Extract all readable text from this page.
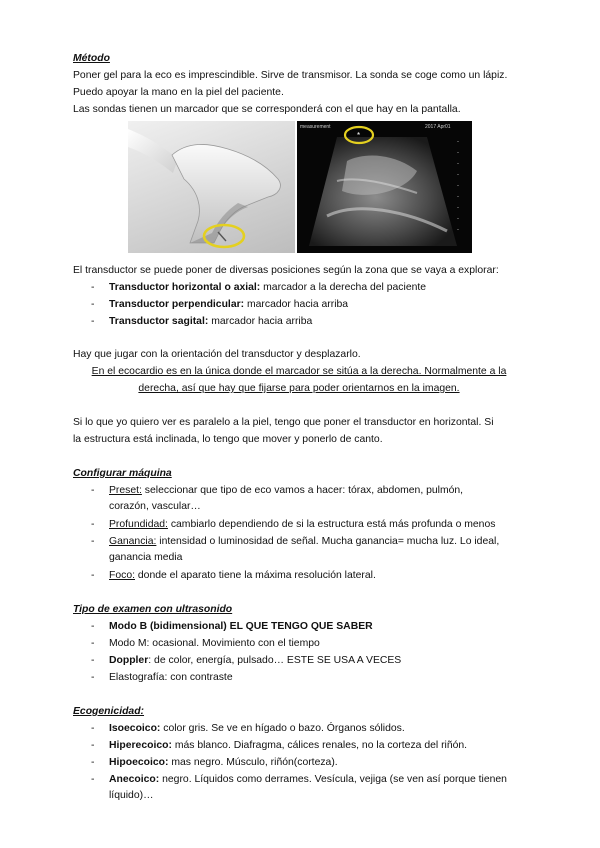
Método
Poner gel para la eco es imprescindible. Sirve de transmisor. La sonda se coge como un lápiz.
Puedo apoyar la mano en la piel del paciente.
Las sondas tienen un marcador que se corresponderá con el que hay en la pantalla.
*
measurement	2017 Apr01
-
-
-
-
-
-
-
-
-
El transductor se puede poner de diversas posiciones según la zona que se vaya a explorar:
- Transductor horizontal o axial: marcador a la derecha del paciente
- Transductor perpendicular: marcador hacia arriba
- Transductor sagital: marcador hacia arriba
Hay que jugar con la orientación del transductor y desplazarlo.
En el ecocardio es en la única donde el marcador se sitúa a la derecha. Normalmente a la
derecha, así que hay que fijarse para poder orientarnos en la imagen.
Si lo que yo quiero ver es paralelo a la piel, tengo que poner el transductor en horizontal. Si
la estructura está inclinada, lo tengo que mover y ponerlo de canto.
Configurar máquina
- Preset: seleccionar que tipo de eco vamos a hacer: tórax, abdomen, pulmón,
corazón, vascular…
- Profundidad: cambiarlo dependiendo de si la estructura está más profunda o menos
- Ganancia: intensidad o luminosidad de señal. Mucha ganancia= mucha luz. Lo ideal,
ganancia media
- Foco: donde el aparato tiene la máxima resolución lateral.
Tipo de examen con ultrasonido
- Modo B (bidimensional) EL QUE TENGO QUE SABER
- Modo M: ocasional. Movimiento con el tiempo
- Doppler: de color, energía, pulsado… ESTE SE USA A VECES
- Elastografía: con contraste
Ecogenicidad:
- Isoecoico: color gris. Se ve en hígado o bazo. Órganos sólidos.
- Hiperecoico: más blanco. Diafragma, cálices renales, no la corteza del riñón.
- Hipoecoico: mas negro. Músculo, riñón(corteza).
- Anecoico: negro. Líquidos como derrames. Vesícula, vejiga (se ven así porque tienen
líquido)…
